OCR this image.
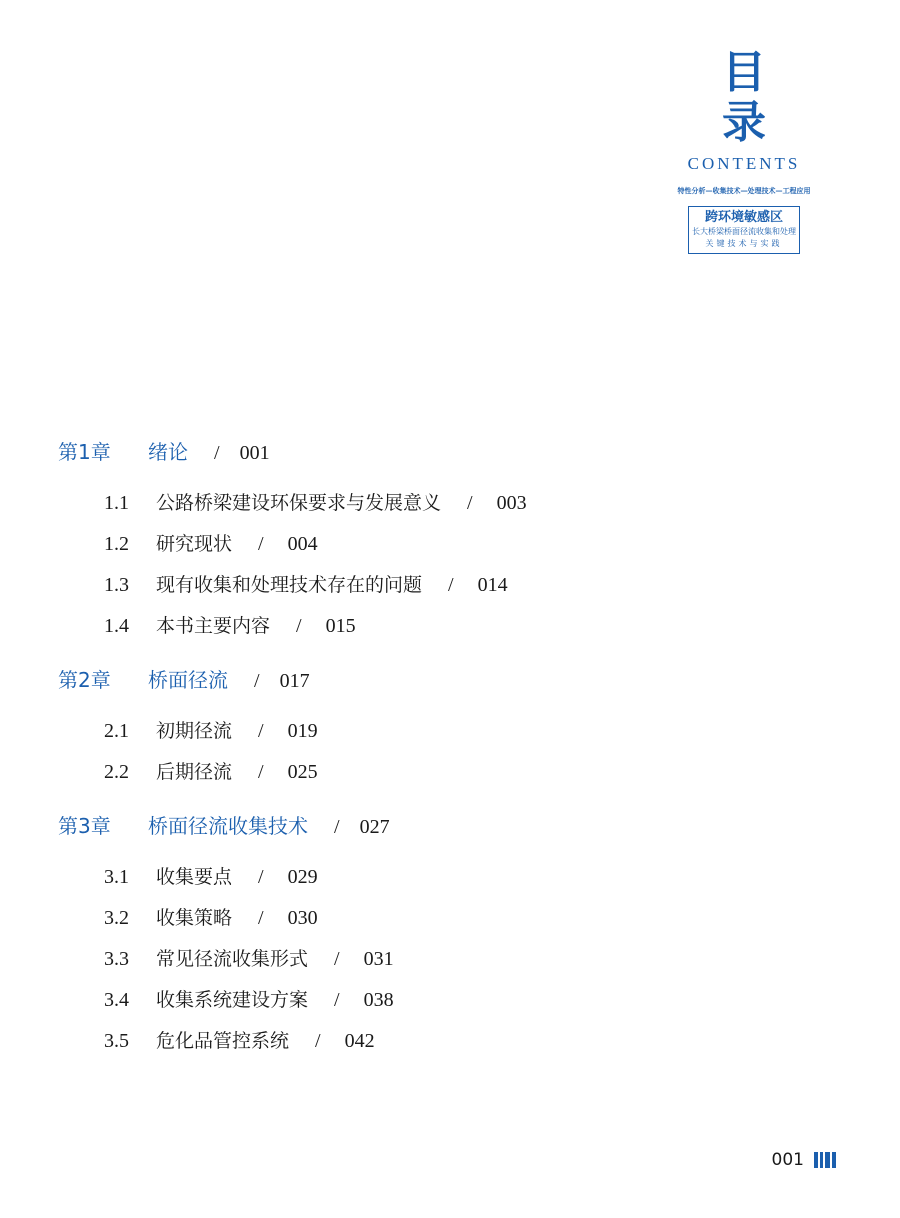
目录
CONTENTS
特性分析—收集技术—处理技术—工程应用
跨环境敏感区
长大桥梁桥面径流收集和处理
关键技术与实践
第1章	绪论 / 001
1.1	公路桥梁建设环保要求与发展意义 / 003
1.2	研究现状 / 004
1.3	现有收集和处理技术存在的问题 / 014
1.4	本书主要内容 / 015
第2章	桥面径流 / 017
2.1	初期径流 / 019
2.2	后期径流 / 025
第3章	桥面径流收集技术 / 027
3.1	收集要点 / 029
3.2	收集策略 / 030
3.3	常见径流收集形式 / 031
3.4	收集系统建设方案 / 038
3.5	危化品管控系统 / 042
001
